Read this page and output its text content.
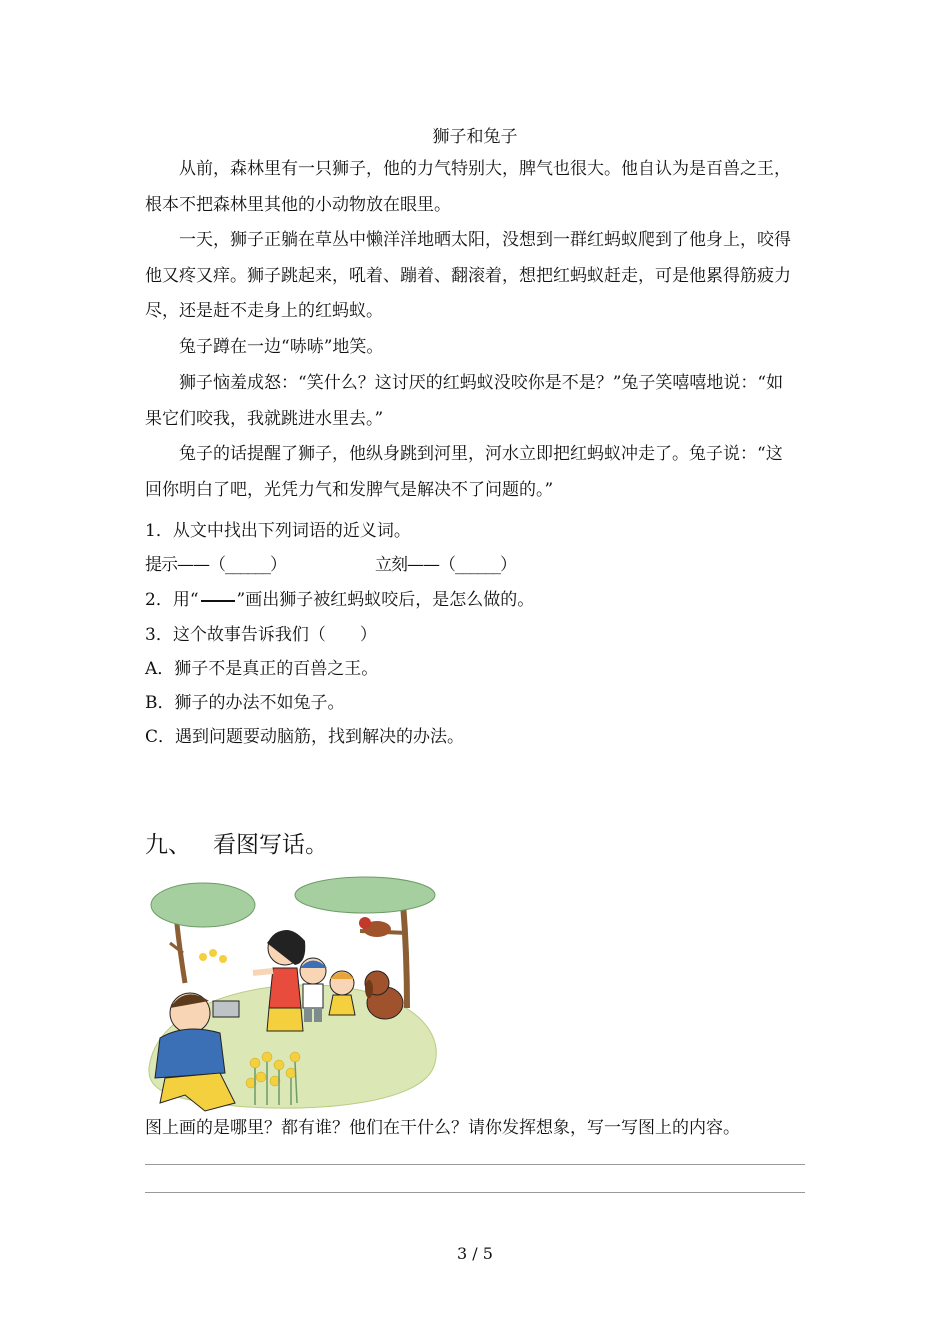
狮子和兔子
从前，森林里有一只狮子，他的力气特别大，脾气也很大。他自认为是百兽之王，根本不把森林里其他的小动物放在眼里。
一天，狮子正躺在草丛中懒洋洋地晒太阳，没想到一群红蚂蚁爬到了他身上，咬得他又疼又痒。狮子跳起来，吼着、蹦着、翻滚着，想把红蚂蚁赶走，可是他累得筋疲力尽，还是赶不走身上的红蚂蚁。
兔子蹲在一边“哧哧”地笑。
狮子恼羞成怒：“笑什么？这讨厌的红蚂蚁没咬你是不是？”兔子笑嘻嘻地说：“如果它们咬我，我就跳进水里去。”
兔子的话提醒了狮子，他纵身跳到河里，河水立即把红蚂蚁冲走了。兔子说：“这回你明白了吧，光凭力气和发脾气是解决不了问题的。”
1．从文中找出下列词语的近义词。
提示——（______）	立刻——（______）
2．用“ ”画出狮子被红蚂蚁咬后，是怎么做的。
3．这个故事告诉我们（　　）
A．狮子不是真正的百兽之王。
B．狮子的办法不如兔子。
C．遇到问题要动脑筋，找到解决的办法。
九、 看图写话。
图上画的是哪里？都有谁？他们在干什么？请你发挥想象，写一写图上的内容。
3 / 5
